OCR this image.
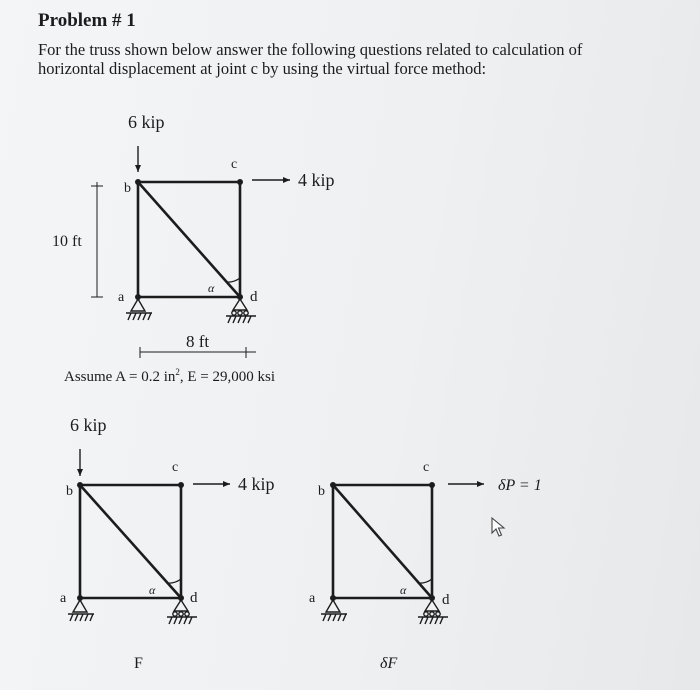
Problem # 1
For the truss shown below answer the following questions related to calculation of
horizontal displacement at joint c by using the virtual force method:
α
6 kip
4 kip
b
c
a	d
10 ft
8 ft
α
6 kip
4 kip
b
c
a	d
F
α
δP = 1
b
c
a	d
δF
Assume A = 0.2 $in^2$, E = 29,000 ksi
